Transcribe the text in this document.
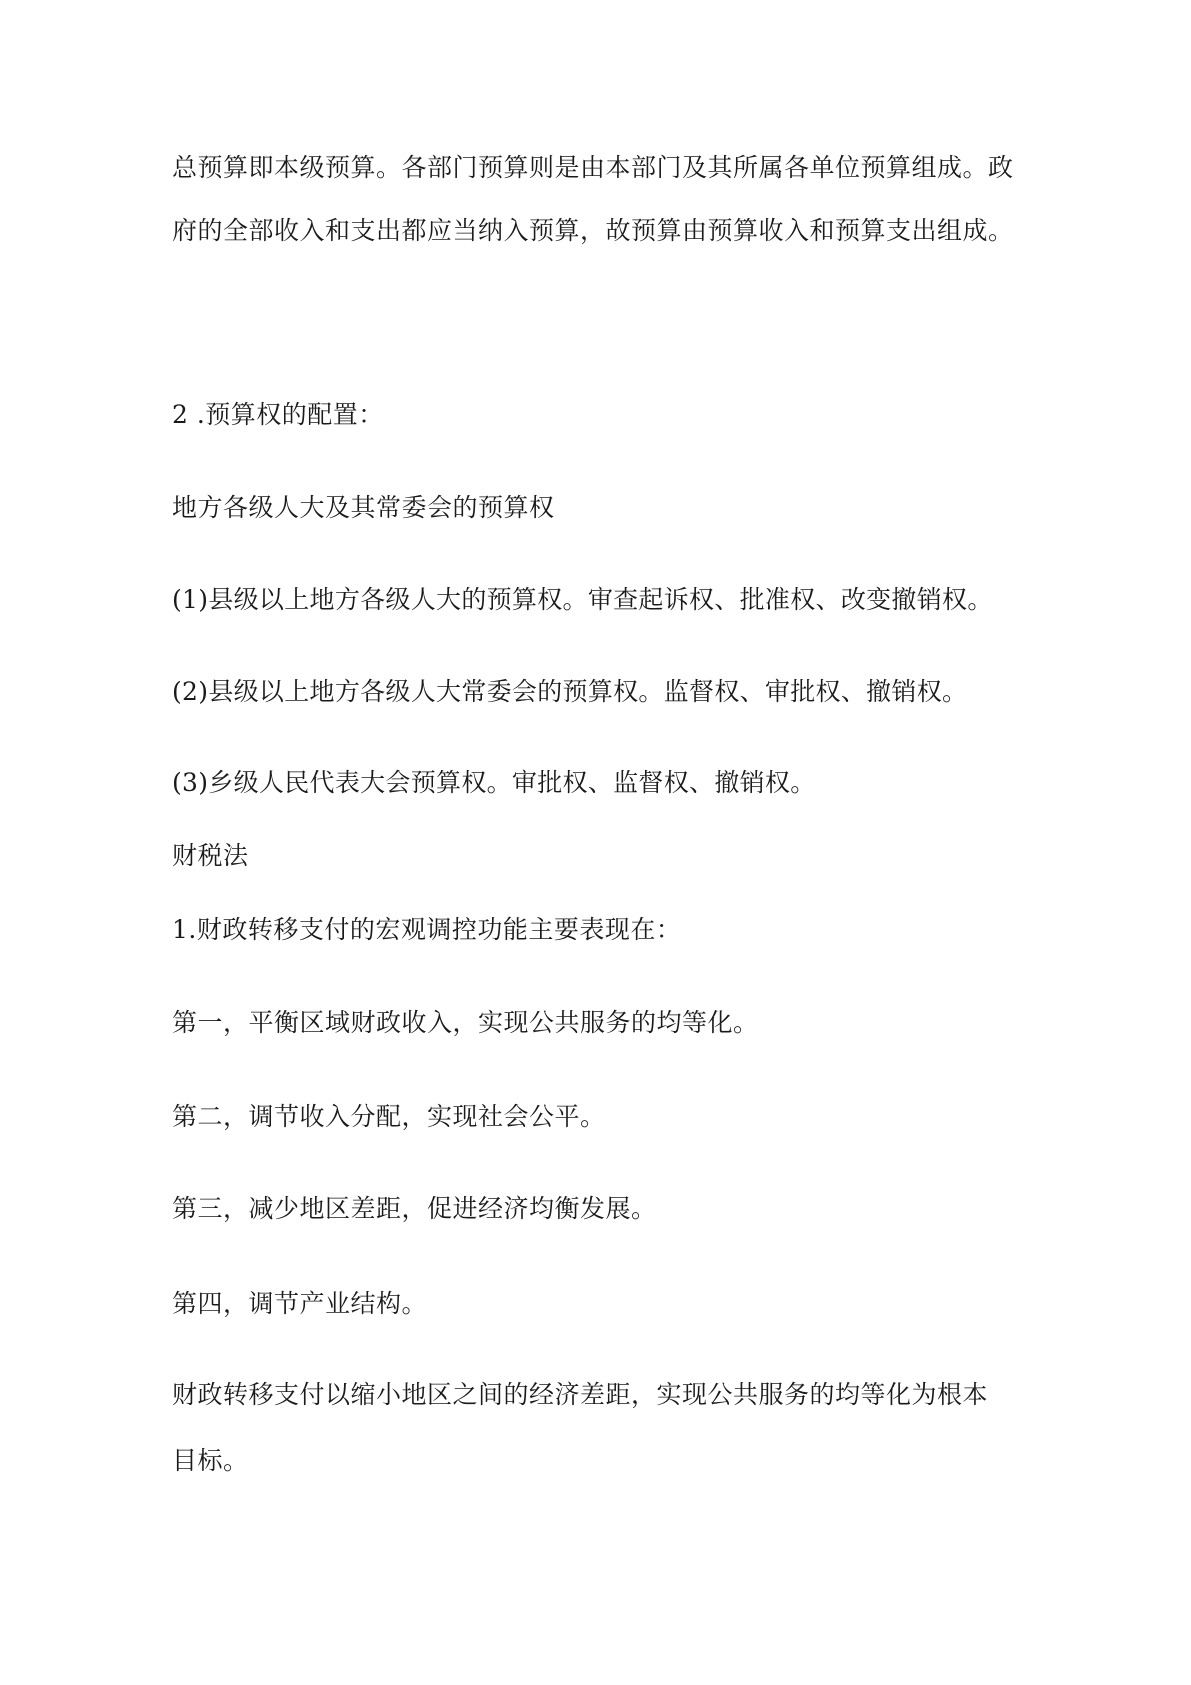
总预算即本级预算。各部门预算则是由本部门及其所属各单位预算组成。政
府的全部收入和支出都应当纳入预算，故预算由预算收入和预算支出组成。
2 .预算权的配置：
地方各级人大及其常委会的预算权
(1)县级以上地方各级人大的预算权。审查起诉权、批准权、改变撤销权。
(2)县级以上地方各级人大常委会的预算权。监督权、审批权、撤销权。
(3)乡级人民代表大会预算权。审批权、监督权、撤销权。
财税法
1.财政转移支付的宏观调控功能主要表现在：
第一，平衡区域财政收入，实现公共服务的均等化。
第二，调节收入分配，实现社会公平。
第三，减少地区差距，促进经济均衡发展。
第四，调节产业结构。
财政转移支付以缩小地区之间的经济差距，实现公共服务的均等化为根本
目标。
